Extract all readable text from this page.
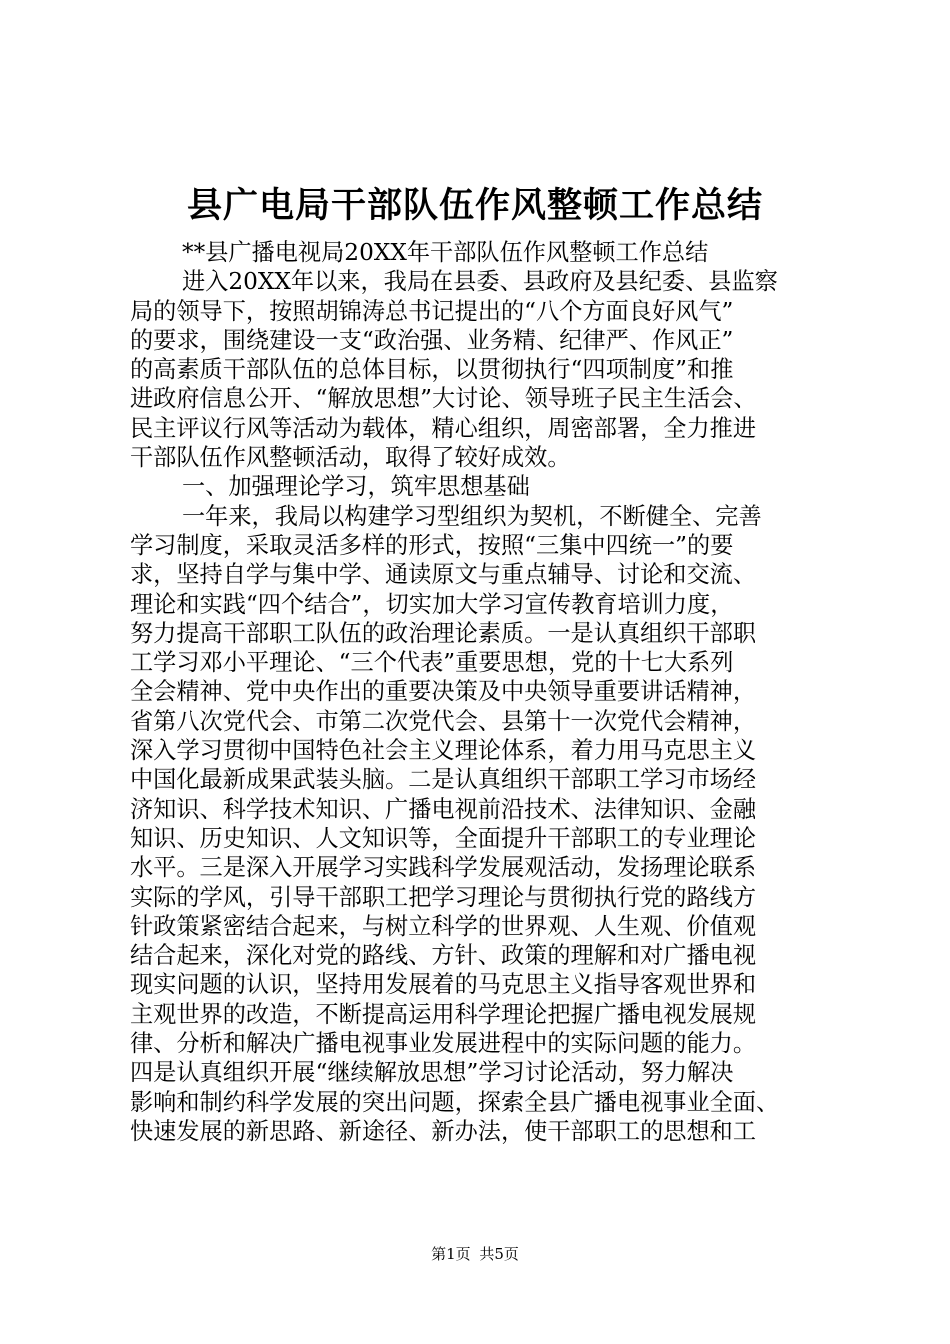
县广电局干部队伍作风整顿工作总结
**县广播电视局20XX年干部队伍作风整顿工作总结
进入20XX年以来，我局在县委、县政府及县纪委、县监察
局的领导下，按照胡锦涛总书记提出的“八个方面良好风气”
的要求，围绕建设一支“政治强、业务精、纪律严、作风正”
的高素质干部队伍的总体目标，以贯彻执行“四项制度”和推
进政府信息公开、“解放思想”大讨论、领导班子民主生活会、
民主评议行风等活动为载体，精心组织，周密部署，全力推进
干部队伍作风整顿活动，取得了较好成效。
一、加强理论学习，筑牢思想基础
一年来，我局以构建学习型组织为契机，不断健全、完善
学习制度，采取灵活多样的形式，按照“三集中四统一”的要
求，坚持自学与集中学、通读原文与重点辅导、讨论和交流、
理论和实践“四个结合”，切实加大学习宣传教育培训力度，
努力提高干部职工队伍的政治理论素质。一是认真组织干部职
工学习邓小平理论、“三个代表”重要思想，党的十七大系列
全会精神、党中央作出的重要决策及中央领导重要讲话精神，
省第八次党代会、市第二次党代会、县第十一次党代会精神，
深入学习贯彻中国特色社会主义理论体系，着力用马克思主义
中国化最新成果武装头脑。二是认真组织干部职工学习市场经
济知识、科学技术知识、广播电视前沿技术、法律知识、金融
知识、历史知识、人文知识等，全面提升干部职工的专业理论
水平。三是深入开展学习实践科学发展观活动，发扬理论联系
实际的学风，引导干部职工把学习理论与贯彻执行党的路线方
针政策紧密结合起来，与树立科学的世界观、人生观、价值观
结合起来，深化对党的路线、方针、政策的理解和对广播电视
现实问题的认识，坚持用发展着的马克思主义指导客观世界和
主观世界的改造，不断提高运用科学理论把握广播电视发展规
律、分析和解决广播电视事业发展进程中的实际问题的能力。
四是认真组织开展“继续解放思想”学习讨论活动，努力解决
影响和制约科学发展的突出问题，探索全县广播电视事业全面、
快速发展的新思路、新途径、新办法，使干部职工的思想和工
第1页 共5页
